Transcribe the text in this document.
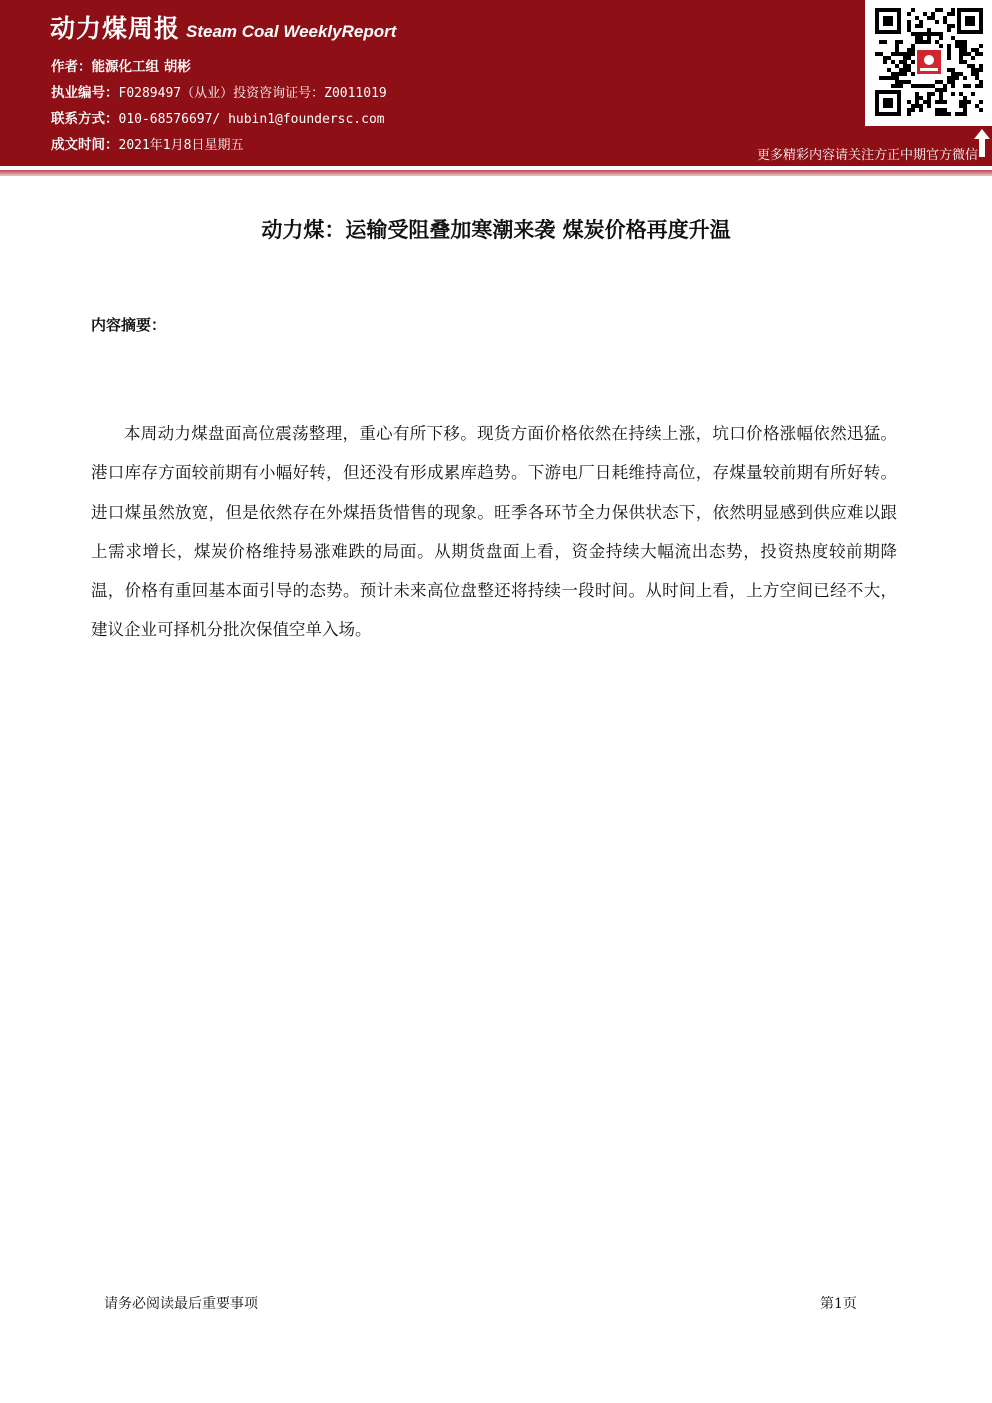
动力煤周报 Steam Coal WeeklyReport
作者：能源化工组 胡彬
执业编号：F0289497（从业）投资咨询证号：Z0011019
联系方式：010-68576697/ hubin1@foundersc.com
成文时间：2021年1月8日星期五
更多精彩内容请关注方正中期官方微信
动力煤：运输受阻叠加寒潮来袭 煤炭价格再度升温
内容摘要：

本周动力煤盘面高位震荡整理，重心有所下移。现货方面价格依然在持续上涨，坑口价格涨幅依然迅猛。港口库存方面较前期有小幅好转，但还没有形成累库趋势。下游电厂日耗维持高位，存煤量较前期有所好转。进口煤虽然放宽，但是依然存在外煤捂货惜售的现象。旺季各环节全力保供状态下，依然明显感到供应难以跟上需求增长，煤炭价格维持易涨难跌的局面。从期货盘面上看，资金持续大幅流出态势，投资热度较前期降温，价格有重回基本面引导的态势。预计未来高位盘整还将持续一段时间。从时间上看，上方空间已经不大，建议企业可择机分批次保值空单入场。

请务必阅读最后重要事项	第1页
